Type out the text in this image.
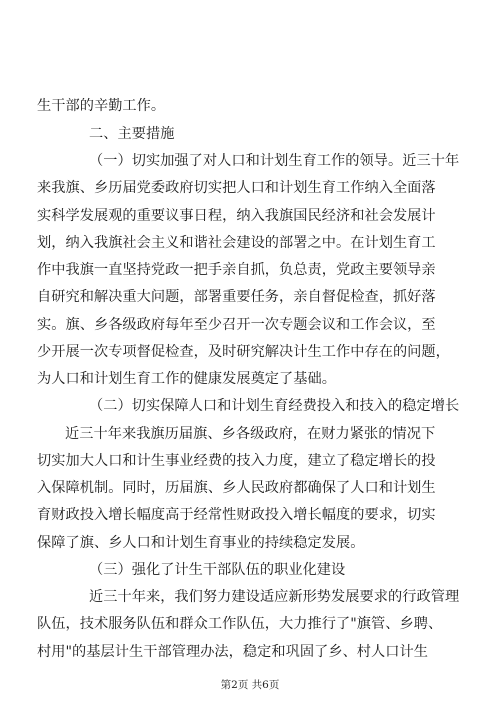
生干部的辛勤工作。
二、主要措施
（一）切实加强了对人口和计划生育工作的领导。近三十年
来我旗、乡历届党委政府切实把人口和计划生育工作纳入全面落
实科学发展观的重要议事日程，纳入我旗国民经济和社会发展计
划，纳入我旗社会主义和谐社会建设的部署之中。在计划生育工
作中我旗一直坚持党政一把手亲自抓，负总责，党政主要领导亲
自研究和解决重大问题，部署重要任务，亲自督促检查，抓好落
实。旗、乡各级政府每年至少召开一次专题会议和工作会议，至
少开展一次专项督促检查，及时研究解决计生工作中存在的问题，
为人口和计划生育工作的健康发展奠定了基础。
（二）切实保障人口和计划生育经费投入和技入的稳定增长
近三十年来我旗历届旗、乡各级政府，在财力紧张的情况下
切实加大人口和计生事业经费的技入力度，建立了稳定增长的投
入保障机制。同时，历届旗、乡人民政府都确保了人口和计划生
育财政投入增长幅度高于经常性财政投入增长幅度的要求，切实
保障了旗、乡人口和计划生育事业的持续稳定发展。
（三）强化了计生干部队伍的职业化建设
近三十年来，我们努力建设适应新形势发展要求的行政管理
队伍，技术服务队伍和群众工作队伍，大力推行了"旗管、乡聘、
村用"的基层计生干部管理办法，稳定和巩固了乡、村人口计生
第2页 共6页
